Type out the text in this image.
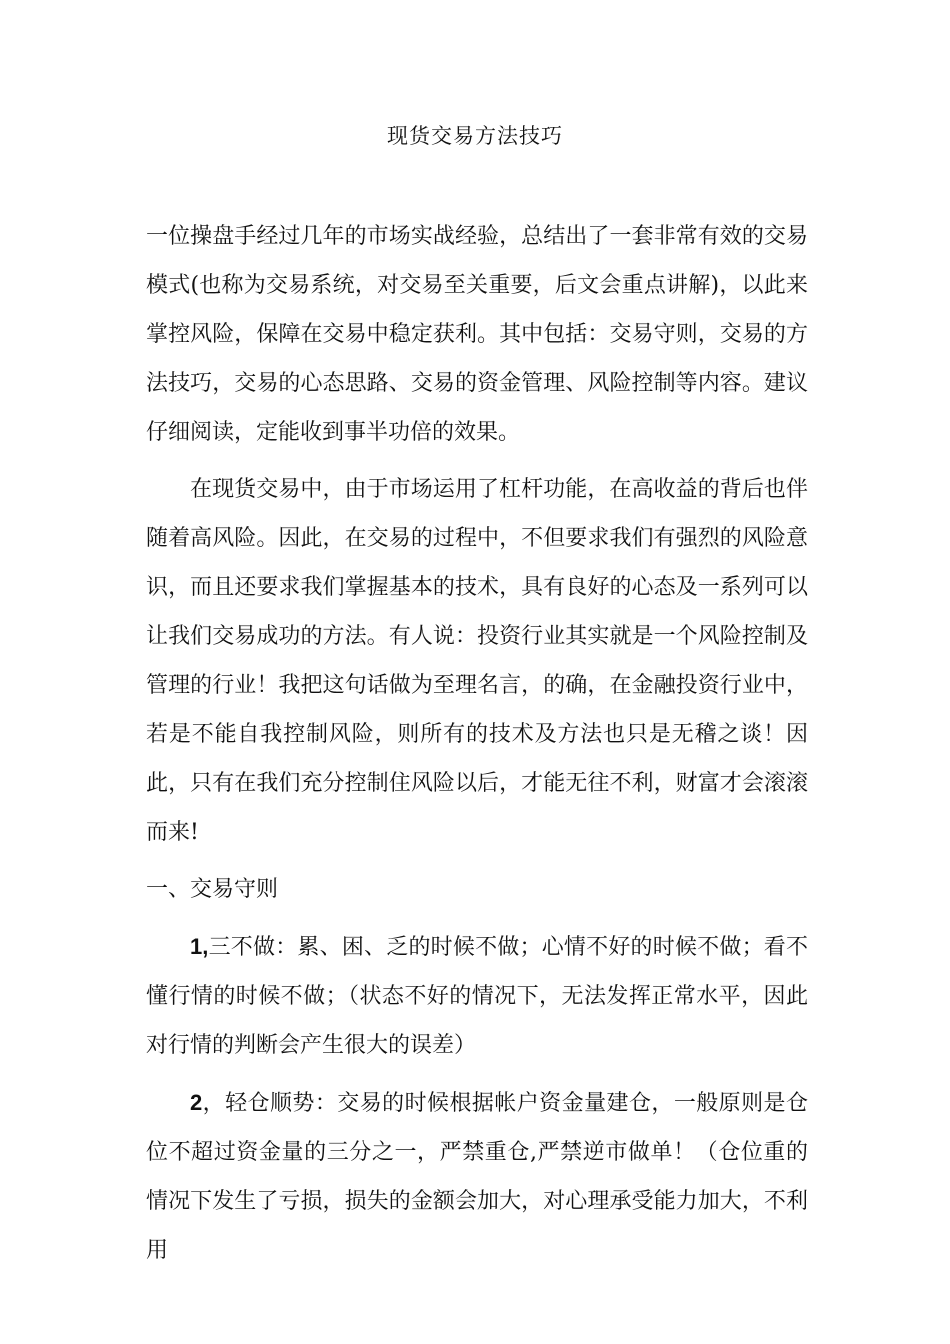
现货交易方法技巧

一位操盘手经过几年的市场实战经验，总结出了一套非常有效的交易模式(也称为交易系统，对交易至关重要，后文会重点讲解)，以此来掌控风险，保障在交易中稳定获利。其中包括：交易守则，交易的方法技巧，交易的心态思路、交易的资金管理、风险控制等内容。建议仔细阅读，定能收到事半功倍的效果。

在现货交易中，由于市场运用了杠杆功能，在高收益的背后也伴随着高风险。因此，在交易的过程中，不但要求我们有强烈的风险意识，而且还要求我们掌握基本的技术，具有良好的心态及一系列可以让我们交易成功的方法。有人说：投资行业其实就是一个风险控制及管理的行业！我把这句话做为至理名言，的确，在金融投资行业中，若是不能自我控制风险，则所有的技术及方法也只是无稽之谈！因此，只有在我们充分控制住风险以后，才能无往不利，财富才会滚滚而来!

一、交易守则

1,三不做：累、困、乏的时候不做；心情不好的时候不做；看不懂行情的时候不做；（状态不好的情况下，无法发挥正常水平，因此对行情的判断会产生很大的误差）

2，轻仓顺势：交易的时候根据帐户资金量建仓，一般原则是仓位不超过资金量的三分之一，严禁重仓,严禁逆市做单！（仓位重的情况下发生了亏损，损失的金额会加大，对心理承受能力加大，不利用
